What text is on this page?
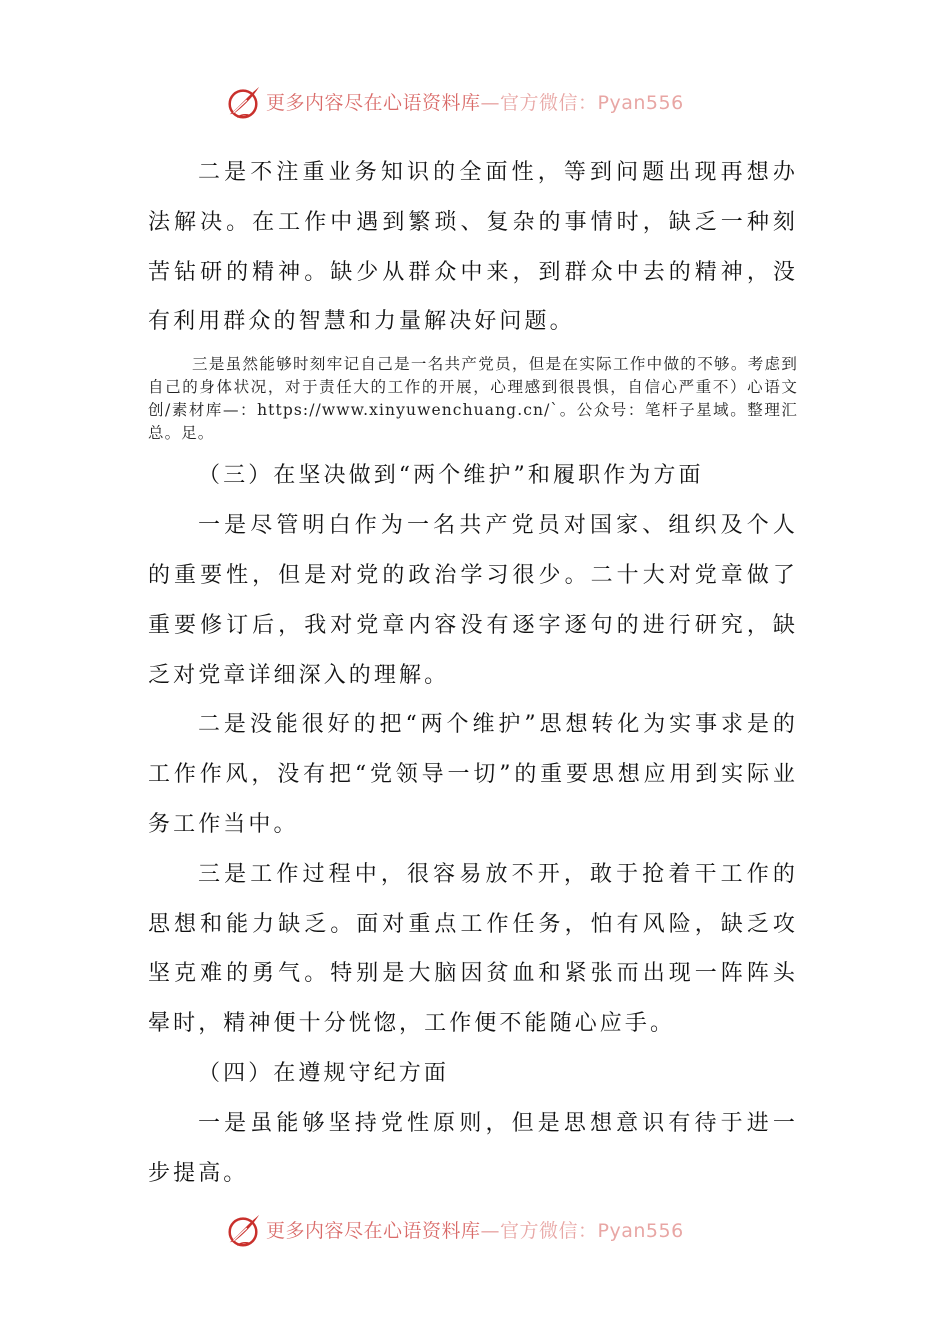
更多内容尽在心语资料库—官方微信：Pyan556

二是不注重业务知识的全面性，等到问题出现再想办法解决。在工作中遇到繁琐、复杂的事情时，缺乏一种刻苦钻研的精神。缺少从群众中来，到群众中去的精神，没有利用群众的智慧和力量解决好问题。

三是虽然能够时刻牢记自己是一名共产党员，但是在实际工作中做的不够。考虑到自己的身体状况，对于责任大的工作的开展，心理感到很畏惧，自信心严重不）心语文创/素材库—：https://www.xinyuwenchuang.cn/`。公众号：笔杆子星域。整理汇总。足。

（三）在坚决做到“两个维护”和履职作为方面

一是尽管明白作为一名共产党员对国家、组织及个人的重要性，但是对党的政治学习很少。二十大对党章做了重要修订后，我对党章内容没有逐字逐句的进行研究，缺乏对党章详细深入的理解。

二是没能很好的把“两个维护”思想转化为实事求是的工作作风，没有把“党领导一切”的重要思想应用到实际业务工作当中。

三是工作过程中，很容易放不开，敢于抢着干工作的思想和能力缺乏。面对重点工作任务，怕有风险，缺乏攻坚克难的勇气。特别是大脑因贫血和紧张而出现一阵阵头晕时，精神便十分恍惚，工作便不能随心应手。

（四）在遵规守纪方面

一是虽能够坚持党性原则，但是思想意识有待于进一步提高。

更多内容尽在心语资料库—官方微信：Pyan556
